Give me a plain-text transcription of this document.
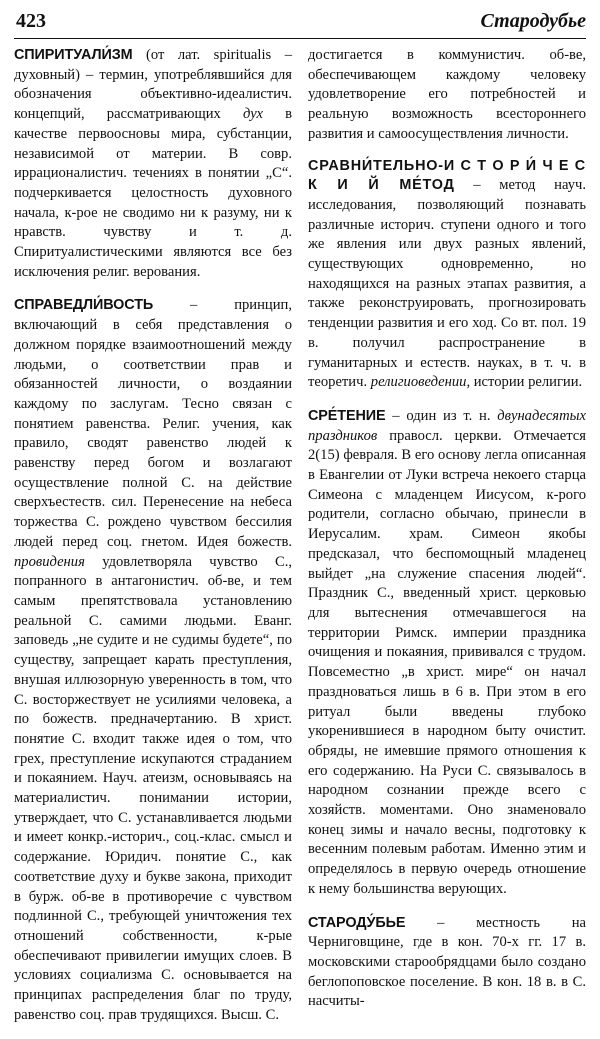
423	Стародубье

СПИРИТУАЛИ́ЗМ (от лат. spiritualis – духовный) – термин, употреблявшийся для обозначения объективно-идеалистич. концепций, рассматривающих дух в качестве первоосновы мира, субстанции, независимой от материи. В совр. иррационалистич. течениях в понятии „С“. подчеркивается целостность духовного начала, к-рое не сводимо ни к разуму, ни к нравств. чувству и т. д. Спиритуалистическими являются все без исключения религ. верования.

СПРАВЕДЛИ́ВОСТЬ – принцип, включающий в себя представления о должном порядке взаимоотношений между людьми, о соответствии прав и обязанностей личности, о воздаянии каждому по заслугам. Тесно связан с понятием равенства. Религ. учения, как правило, сводят равенство людей к равенству перед богом и возлагают осуществление полной С. на действие сверхъестеств. сил. Перенесение на небеса торжества С. рождено чувством бессилия людей перед соц. гнетом. Идея божеств. провидения удовлетворяла чувство С., попранного в антагонистич. об-ве, и тем самым препятствовала установлению реальной С. самими людьми. Еванг. заповедь „не судите и не судимы будете“, по существу, запрещает карать преступления, внушая иллюзорную уверенность в том, что С. восторжествует не усилиями человека, а по божеств. предначертанию. В христ. понятие С. входит также идея о том, что грех, преступление искупаются страданием и покаянием. Науч. атеизм, основываясь на материалистич. понимании истории, утверждает, что С. устанавливается людьми и имеет конкр.-историч., соц.-клас. смысл и содержание. Юридич. понятие С., как соответствие духу и букве закона, приходит в бурж. об-ве в противоречие с чувством подлинной С., требующей уничтожения тех отношений собственности, к-рые обеспечивают привилегии имущих слоев. В условиях социализма С. основывается на принципах распределения благ по труду, равенство соц. прав трудящихся. Высш. С.

достигается в коммунистич. об-ве, обеспечивающем каждому человеку удовлетворение его потребностей и реальную возможность всестороннего развития и самоосуществления личности.

СРАВНИ́ТЕЛЬНО-И С Т О Р И́ Ч Е С К И Й МЕ́ТОД – метод науч. исследования, позволяющий познавать различные историч. ступени одного и того же явления или двух разных явлений, существующих одновременно, но находящихся на разных этапах развития, а также реконструировать, прогнозировать тенденции развития и его ход. Со вт. пол. 19 в. получил распространение в гуманитарных и естеств. науках, в т. ч. в теоретич. религиоведении, истории религии.

СРЕ́ТЕНИЕ – один из т. н. двунадесятых праздников правосл. церкви. Отмечается 2(15) февраля. В его основу легла описанная в Евангелии от Луки встреча некоего старца Симеона с младенцем Иисусом, к-рого родители, согласно обычаю, принесли в Иерусалим. храм. Симеон якобы предсказал, что беспомощный младенец выйдет „на служение спасения людей“. Праздник С., введенный христ. церковью для вытеснения отмечавшегося на территории Римск. империи праздника очищения и покаяния, прививался с трудом. Повсеместно „в христ. мире“ он начал праздноваться лишь в 6 в. При этом в его ритуал были введены глубоко укоренившиеся в народном быту очистит. обряды, не имевшие прямого отношения к его содержанию. На Руси С. связывалось в народном сознании прежде всего с хозяйств. моментами. Оно знаменовало конец зимы и начало весны, подготовку к весенним полевым работам. Именно этим и определялось в первую очередь отношение к нему большинства верующих.

СТАРОДУ́БЬЕ – местность на Черниговщине, где в кон. 70-х гг. 17 в. московскими старообрядцами было создано беглопоповское поселение. В кон. 18 в. в С. насчиты-
